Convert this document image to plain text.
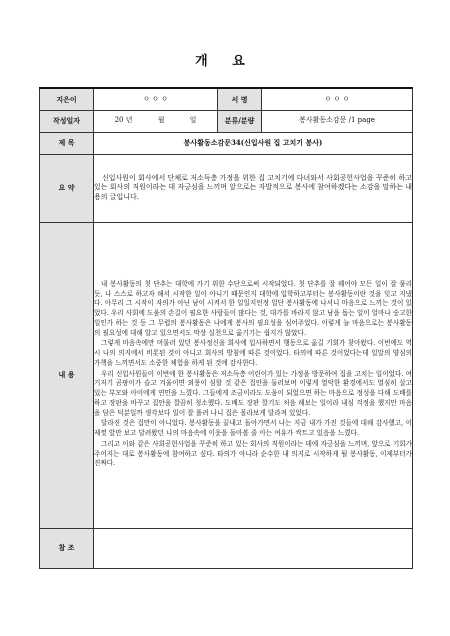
개 요
지은이	ㅇ ㅇ ㅇ	서 명	ㅇ ㅇ ㅇ
작성일자	20 년 월 일	분류/분량	봉사활동소감문 /1 page
제 목	봉사활동소감문34(신입사원 집 고치기 봉사)		
요 약	신입사원이 회사에서 단체로 저소득층 가정을 위한 집 고치기에 다녀와서 사회공헌사업을 꾸준히 하고 있는 회사의 직원이라는 데 자긍심을 느끼며 앞으로는 자발적으로 봉사에 참여하겠다는 소감을 말하는 내용의 글입니다.		
내 용	내 봉사활동의 첫 단추는 대학에 가기 위한 수단으로써 시작되었다. 첫 단추를 잘 꿰어야 모든 일이 잘 풀리듯, 나 스스로 하고자 해서 시작한 일이 아니기 때문인지 대학에 입학하고부터는 봉사활동이란 것을 잊고 지냈다. 아무리 그 시작이 자의가 아닌 남이 시켜서 한 일일지언정 일단 봉사활동에 나서니 마음으로 느끼는 것이 있었다. 우리 사회에 도움의 손길이 필요한 사람들이 많다는 것, 대가를 바라지 않고 남을 돕는 일이 얼마나 숭고한 일인가 하는 것 등 그 무렵의 봉사활동은 나에게 봉사의 필요성을 심어주었다. 이렇게 늘 마음으로는 봉사활동의 필요성에 대해 알고 있으면서도 막상 실천으로 옮기기는 쉽지가 않았다.

그렇게 마음속에만 머물러 있던 봉사정신을 회사에 입사하면서 행동으로 옮길 기회가 찾아왔다. 이번에도 역시 나의 의지에서 비롯된 것이 아니고 회사의 방침에 따른 것이었다. 타의에 따른 것이었다는데 일말의 양심의 가책을 느끼면서도 소중한 체험을 하게 된 것에 감사한다.

우리 신입사원들이 이번에 한 봉사활동은 저소득층 어린이가 있는 가정을 방문하여 집을 고치는 일이었다. 여기저기 곰팡이가 슬고 겨울이면 외풍이 심할 것 같은 집안을 둘러보며 이렇게 열악한 환경에서도 열심히 살고 있는 부모와 아이에게 연민을 느꼈다. 그들에게 조금이라도 도움이 되었으면 하는 마음으로 정성을 다해 도배를 하고 장판을 바꾸고 집안을 깔끔히 청소했다. 도배도 장판 깔기도 처음 해보는 일이라 내심 걱정을 했지만 마음을 담은 덕분일까 생각보다 일이 잘 풀려 나니 집은 몰라보게 달라져 있었다.

달라진 것은 집만이 아니었다. 봉사활동을 끝내고 돌아가면서 나는 지금 내가 가진 것들에 대해 감사했고, 이제껏 앞만 보고 달려왔던 나의 마음속에 이웃을 돌아볼 줄 아는 여유가 싹트고 있음을 느꼈다.

그리고 이와 같은 사회공헌사업을 꾸준히 하고 있는 회사의 직원이라는 데에 자긍심을 느끼며, 앞으로 기회가 주어지는 대로 봉사활동에 참여하고 싶다. 타의가 아니라 순수한 내 의지로 시작하게 될 봉사활동, 이제부터가 진짜다.		

참 조			
